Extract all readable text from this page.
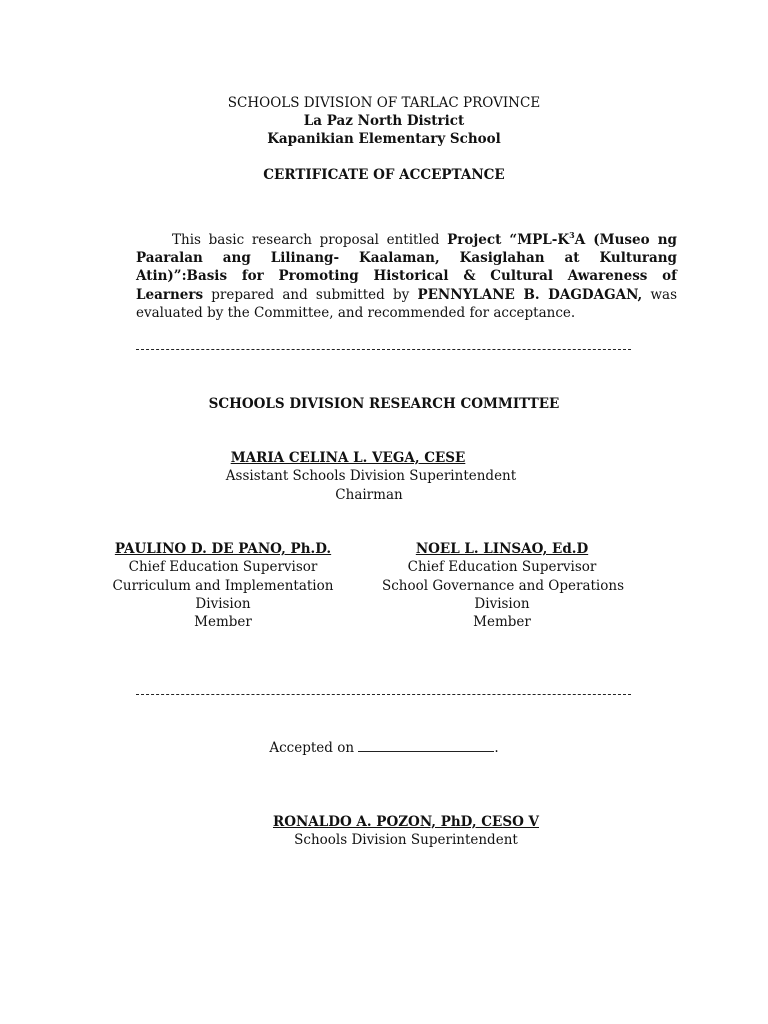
SCHOOLS DIVISION OF TARLAC PROVINCE
La Paz North District
Kapanikian Elementary School
CERTIFICATE OF ACCEPTANCE
This basic research proposal entitled Project “$MPL-K^3A$ (Museo ng Paaralan ang Lilinang- Kaalaman, Kasiglahan at Kulturang Atin)”:Basis for Promoting Historical & Cultural Awareness of Learners prepared and submitted by PENNYLANE B. DAGDAGAN, was evaluated by the Committee, and recommended for acceptance.
SCHOOLS DIVISION RESEARCH COMMITTEE
MARIA CELINA L. VEGA, CESE
Assistant Schools Division Superintendent
Chairman
PAULINO D. DE PANO, Ph.D.
Chief Education Supervisor
Curriculum and Implementation
Division
Member
NOEL L. LINSAO, Ed.D
Chief Education Supervisor
School Governance and Operations
Division
Member
Accepted on	.
RONALDO A. POZON, PhD, CESO V
Schools Division Superintendent
